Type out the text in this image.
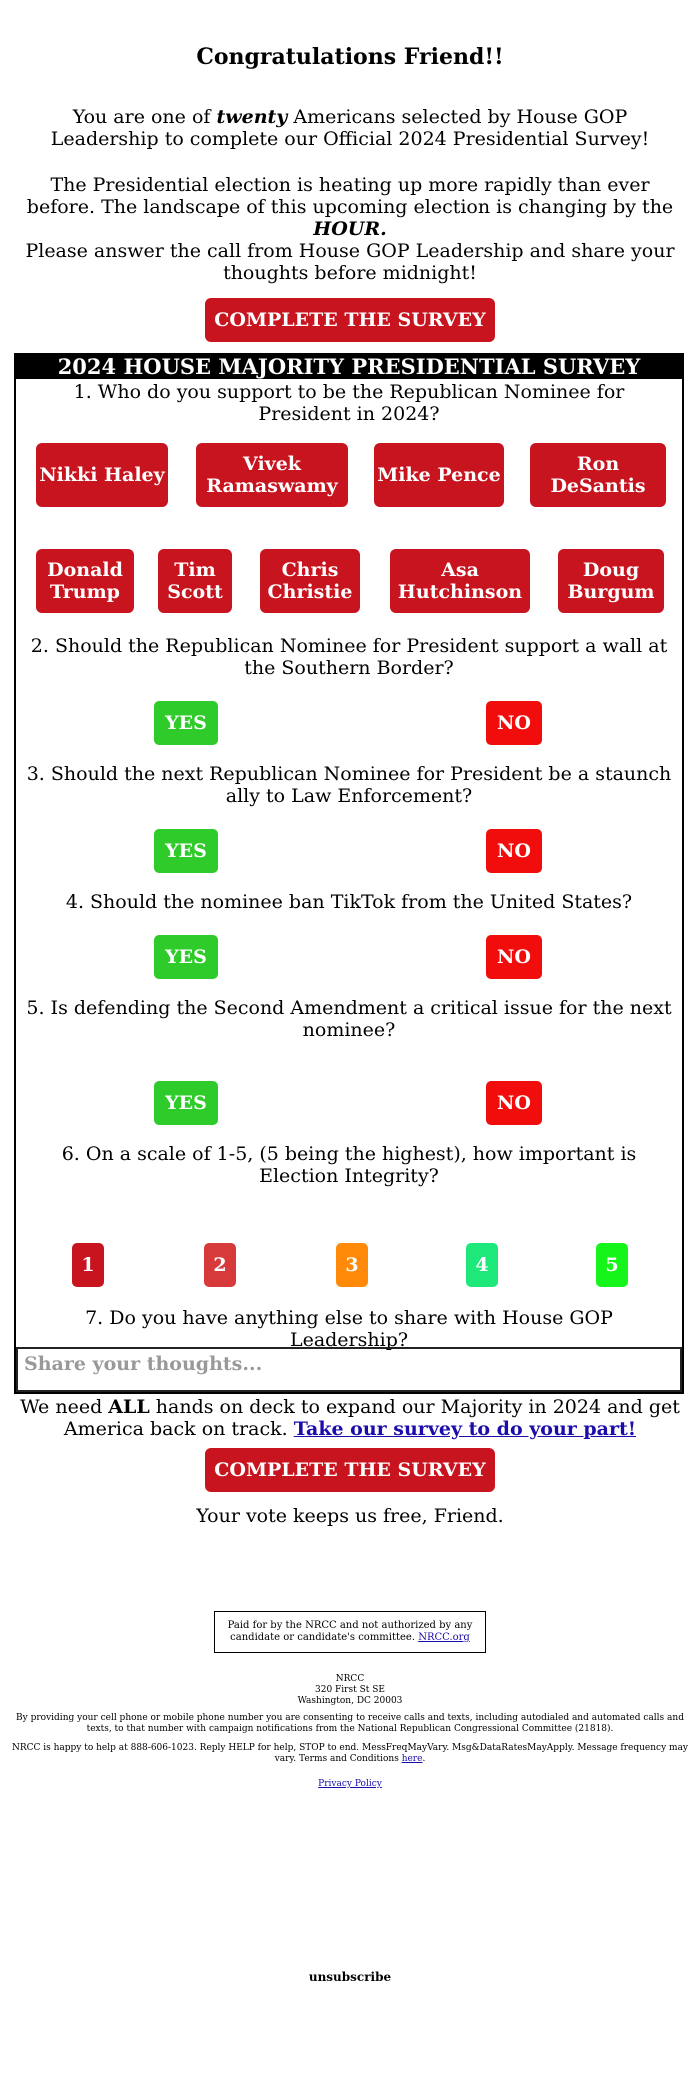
Congratulations Friend!!
You are one of twenty Americans selected by House GOP Leadership to complete our Official 2024 Presidential Survey!
The Presidential election is heating up more rapidly than ever before. The landscape of this upcoming election is changing by the HOUR.
Please answer the call from House GOP Leadership and share your thoughts before midnight!
COMPLETE THE SURVEY
2024 HOUSE MAJORITY PRESIDENTIAL SURVEY
1. Who do you support to be the Republican Nominee for President in 2024?
Nikki Haley	Vivek Ramaswamy	Mike Pence	Ron DeSantis
Donald Trump
Tim Scott
Chris Christie
Asa Hutchinson
Doug Burgum
2. Should the Republican Nominee for President support a wall at the Southern Border?
YES	NO
3. Should the next Republican Nominee for President be a staunch ally to Law Enforcement?
YES	NO
4. Should the nominee ban TikTok from the United States?
YES	NO
5. Is defending the Second Amendment a critical issue for the next nominee?
YES	NO
6. On a scale of 1-5, (5 being the highest), how important is Election Integrity?
1	2	3	4	5
7. Do you have anything else to share with House GOP Leadership?
Share your thoughts...
We need ALL hands on deck to expand our Majority in 2024 and get America back on track. Take our survey to do your part!
COMPLETE THE SURVEY
Your vote keeps us free, Friend.
Paid for by the NRCC and not authorized by any candidate or candidate's committee. NRCC.org
NRCC
320 First St SE
Washington, DC 20003
By providing your cell phone or mobile phone number you are consenting to receive calls and texts, including autodialed and automated calls and texts, to that number with campaign notifications from the National Republican Congressional Committee (21818).
NRCC is happy to help at 888-606-1023. Reply HELP for help, STOP to end. MessFreqMayVary. Msg&DataRatesMayApply. Message frequency may vary. Terms and Conditions here.
Privacy Policy
unsubscribe
